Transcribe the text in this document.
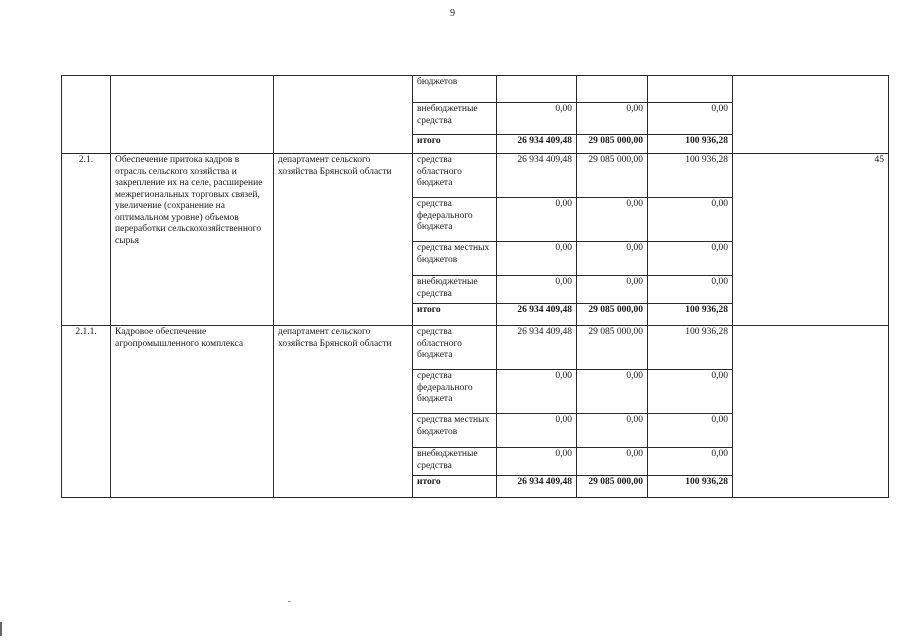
9
			бюджетов				
			внебюджетные средства	0,00	0,00	0,00	
			итого	26 934 409,48	29 085 000,00	100 936,28	
2.1.	Обеспечение притока кадров в отрасль сельского хозяйства и закрепление их на селе, расширение межрегиональных торговых связей, увеличение (сохранение на оптимальном уровне) объемов переработки сельскохозяйственного сырья	департамент сельского хозяйства Брянской области	средства областного бюджета	26 934 409,48	29 085 000,00	100 936,28	45
			средства федерального бюджета	0,00	0,00	0,00	
			средства местных бюджетов	0,00	0,00	0,00	
			внебюджетные средства	0,00	0,00	0,00	
			итого	26 934 409,48	29 085 000,00	100 936,28	
2.1.1.	Кадровое обеспечение агропромышленного комплекса	департамент сельского хозяйства Брянской области	средства областного бюджета	26 934 409,48	29 085 000,00	100 936,28	
			средства федерального бюджета	0,00	0,00	0,00	
			средства местных бюджетов	0,00	0,00	0,00	
			внебюджетные средства	0,00	0,00	0,00	
			итого	26 934 409,48	29 085 000,00	100 936,28	
